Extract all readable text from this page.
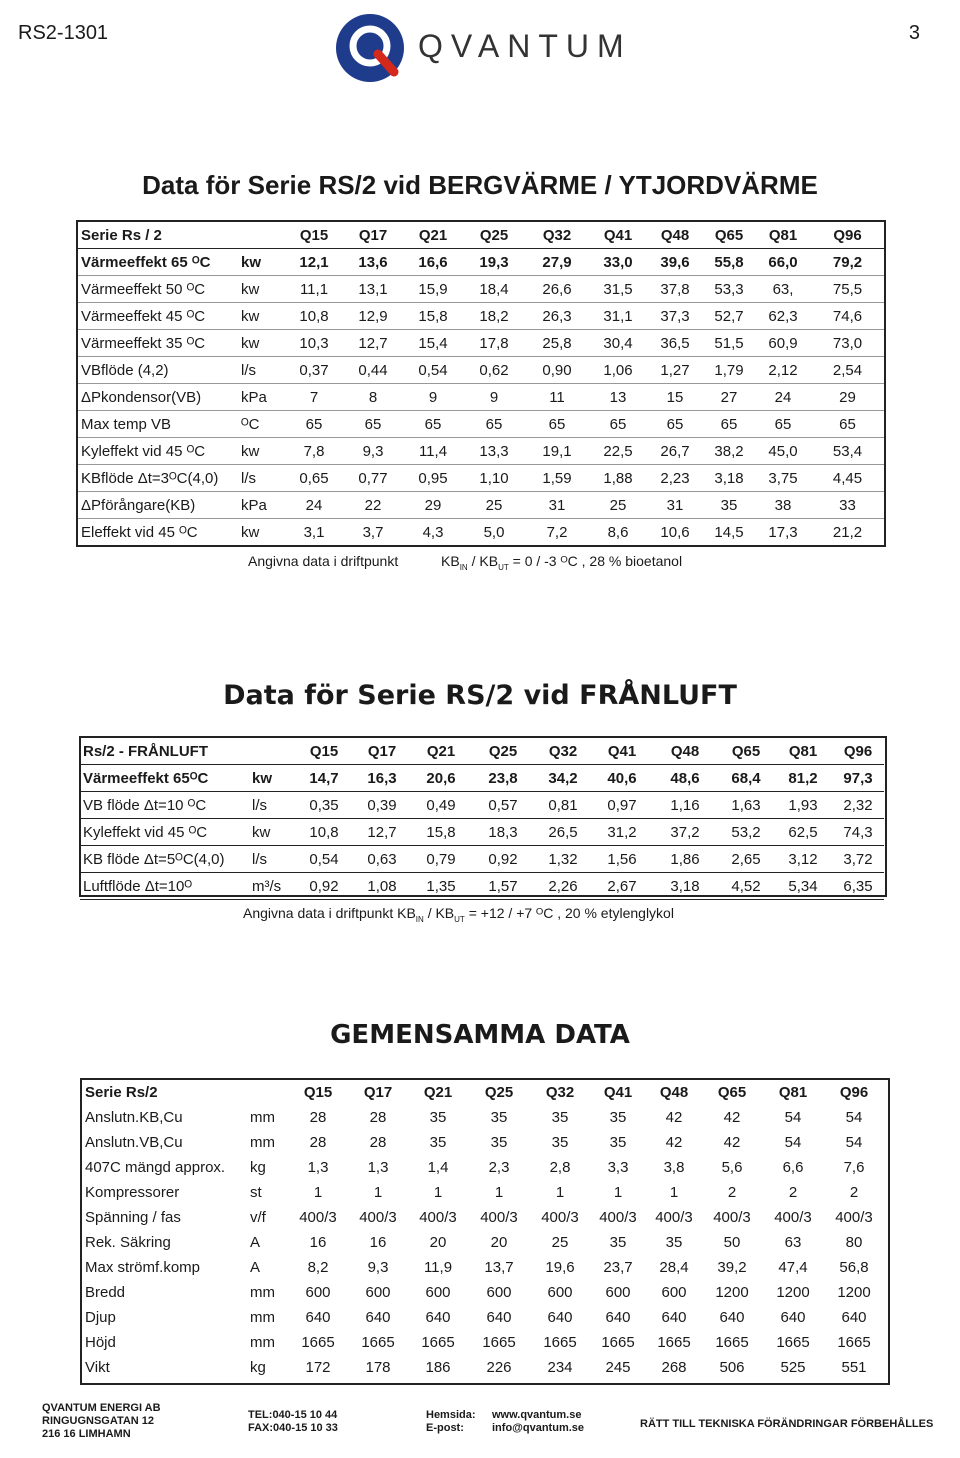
RS2-1301	3
QVANTUM
Data för Serie RS/2 vid BERGVÄRME / YTJORDVÄRME
Serie Rs / 2		Q15	Q17	Q21	Q25	Q32	Q41	Q48	Q65	Q81	Q96
Värmeeffekt 65 ᴼC	kw	12,1	13,6	16,6	19,3	27,9	33,0	39,6	55,8	66,0	79,2
Värmeeffekt 50 ᴼC	kw	11,1	13,1	15,9	18,4	26,6	31,5	37,8	53,3	63,	75,5
Värmeeffekt 45 ᴼC	kw	10,8	12,9	15,8	18,2	26,3	31,1	37,3	52,7	62,3	74,6
Värmeeffekt 35 ᴼC	kw	10,3	12,7	15,4	17,8	25,8	30,4	36,5	51,5	60,9	73,0
VBflöde (4,2)	l/s	0,37	0,44	0,54	0,62	0,90	1,06	1,27	1,79	2,12	2,54
ΔPkondensor(VB)	kPa	7	8	9	9	11	13	15	27	24	29
Max temp VB	ᴼC	65	65	65	65	65	65	65	65	65	65
Kyleffekt vid 45 ᴼC	kw	7,8	9,3	11,4	13,3	19,1	22,5	26,7	38,2	45,0	53,4
KBflöde Δt=3ᴼC(4,0)	l/s	0,65	0,77	0,95	1,10	1,59	1,88	2,23	3,18	3,75	4,45
ΔPförångare(KB)	kPa	24	22	29	25	31	25	31	35	38	33
Eleffekt vid 45 ᴼC	kw	3,1	3,7	4,3	5,0	7,2	8,6	10,6	14,5	17,3	21,2
Angivna data i driftpunkt	$KB_{IN} / KB_{UT} = 0 / -3$ ᴼC , 28 % bioetanol
Data för Serie RS/2 vid FRÅNLUFT
Rs/2 - FRÅNLUFT		Q15	Q17	Q21	Q25	Q32	Q41	Q48	Q65	Q81	Q96
Värmeeffekt 65ᴼC	kw	14,7	16,3	20,6	23,8	34,2	40,6	48,6	68,4	81,2	97,3
VB flöde Δt=10 ᴼC	l/s	0,35	0,39	0,49	0,57	0,81	0,97	1,16	1,63	1,93	2,32
Kyleffekt vid 45 ᴼC	kw	10,8	12,7	15,8	18,3	26,5	31,2	37,2	53,2	62,5	74,3
KB flöde Δt=5ᴼC(4,0)	l/s	0,54	0,63	0,79	0,92	1,32	1,56	1,86	2,65	3,12	3,72
Luftflöde Δt=10ᴼ	m³/s	0,92	1,08	1,35	1,57	2,26	2,67	3,18	4,52	5,34	6,35
Angivna data i driftpunkt $KB_{IN} / KB_{UT} = +12 / +7$ ᴼC , 20 % etylenglykol
GEMENSAMMA DATA
Serie Rs/2		Q15	Q17	Q21	Q25	Q32	Q41	Q48	Q65	Q81	Q96
Anslutn.KB,Cu	mm	28	28	35	35	35	35	42	42	54	54
Anslutn.VB,Cu	mm	28	28	35	35	35	35	42	42	54	54
407C mängd approx.	kg	1,3	1,3	1,4	2,3	2,8	3,3	3,8	5,6	6,6	7,6
Kompressorer	st	1	1	1	1	1	1	1	2	2	2
Spänning / fas	v/f	400/3	400/3	400/3	400/3	400/3	400/3	400/3	400/3	400/3	400/3
Rek. Säkring	A	16	16	20	20	25	35	35	50	63	80
Max strömf.komp	A	8,2	9,3	11,9	13,7	19,6	23,7	28,4	39,2	47,4	56,8
Bredd	mm	600	600	600	600	600	600	600	1200	1200	1200
Djup	mm	640	640	640	640	640	640	640	640	640	640
Höjd	mm	1665	1665	1665	1665	1665	1665	1665	1665	1665	1665
Vikt	kg	172	178	186	226	234	245	268	506	525	551
QVANTUM ENERGI AB
RINGUGNSGATAN 12
216 16 LIMHAMN
TEL:040-15 10 44
FAX:040-15 10 33
Hemsida:
E-post:
www.qvantum.se
info@qvantum.se	RÄTT TILL TEKNISKA FÖRÄNDRINGAR FÖRBEHÅLLES
